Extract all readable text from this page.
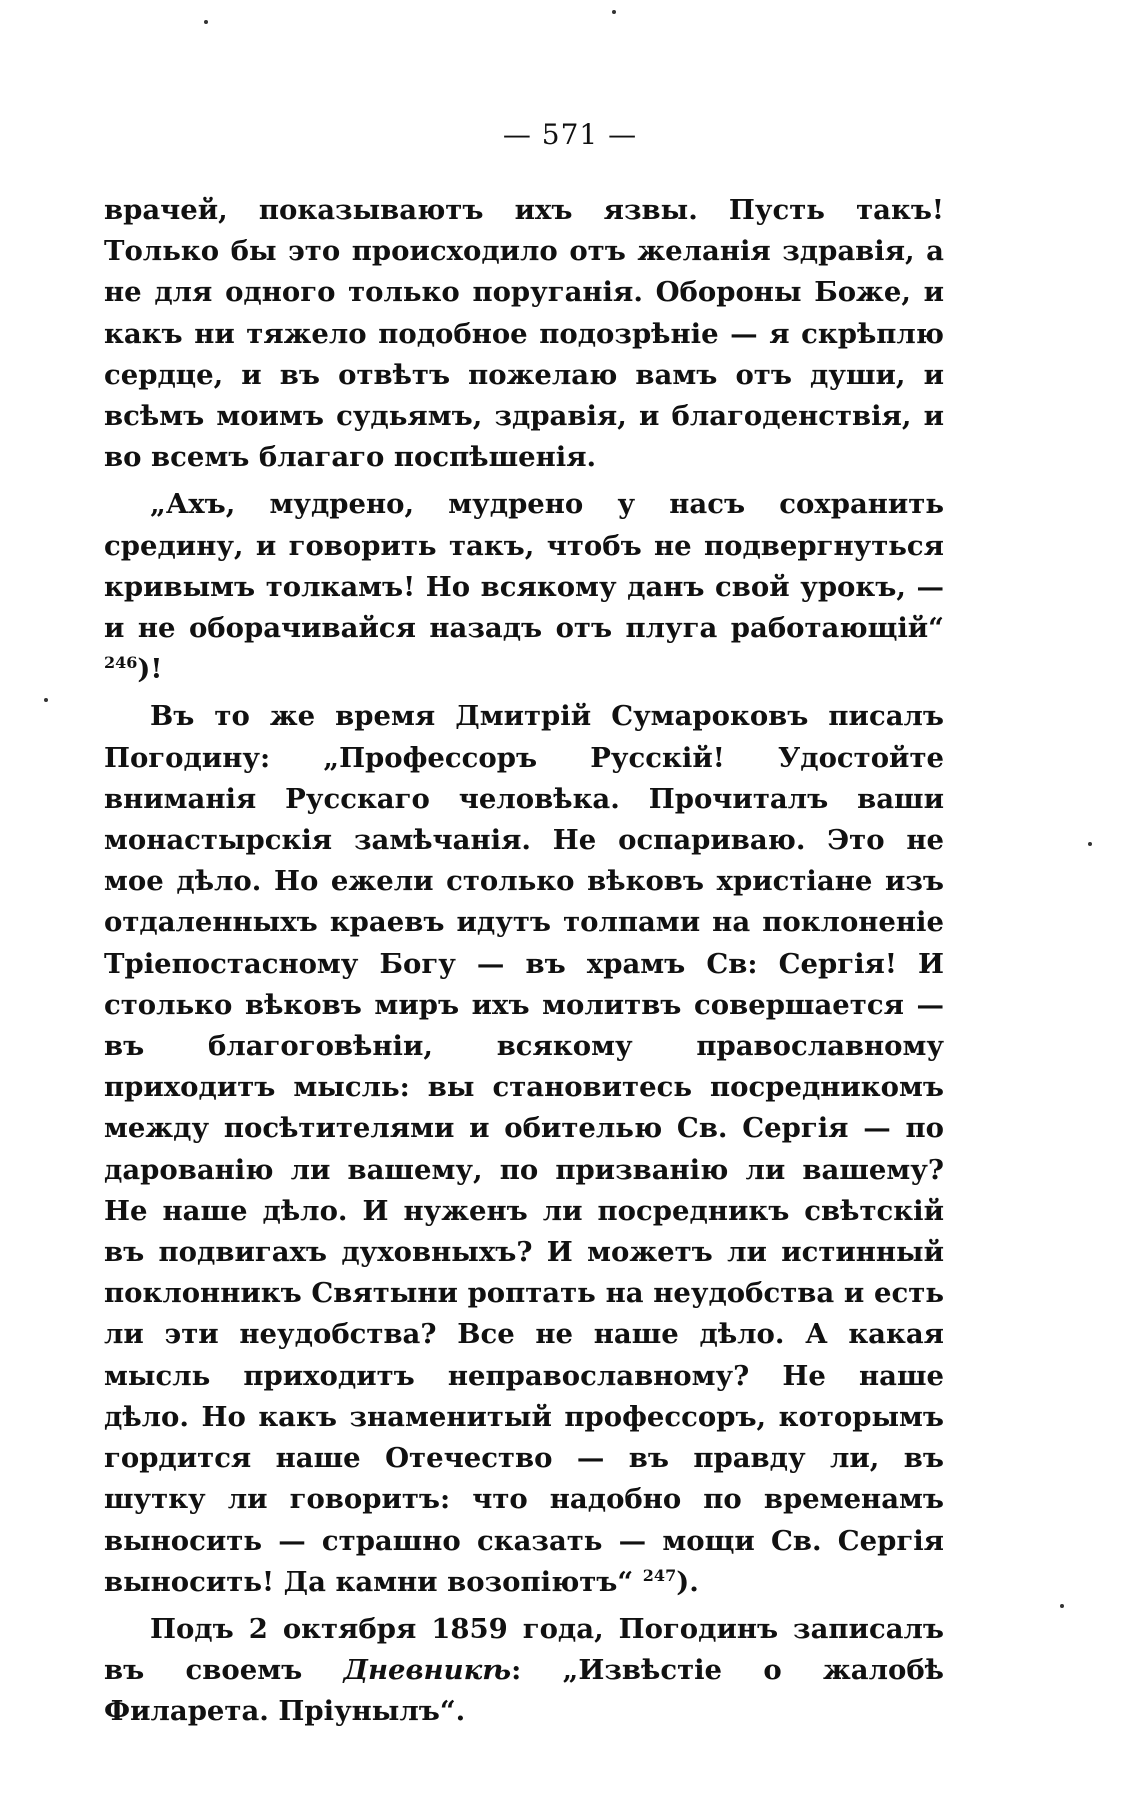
— 571 —

врачей, показываютъ ихъ язвы. Пусть такъ! Только бы это происходило отъ желанія здравія, а не для одного только поруганія. Обороны Боже, и какъ ни тяжело подобное подозрѣніе — я скрѣплю сердце, и въ отвѣтъ пожелаю вамъ отъ души, и всѣмъ моимъ судьямъ, здравія, и благоденствія, и во всемъ благаго поспѣшенія.

„Ахъ, мудрено, мудрено у насъ сохранить средину, и говорить такъ, чтобъ не подвергнуться кривымъ толкамъ! Но всякому данъ свой урокъ, — и не оборачивайся назадъ отъ плуга работающій“ $^{246}$)!

Въ то же время Дмитрій Сумароковъ писалъ Погодину: „Профессоръ Русскій! Удостойте вниманія Русскаго человѣка. Прочиталъ ваши монастырскія замѣчанія. Не оспариваю. Это не мое дѣло. Но ежели столько вѣковъ христіане изъ отдаленныхъ краевъ идутъ толпами на поклоненіе Тріепостасному Богу — въ храмъ Св: Сергія! И столько вѣковъ миръ ихъ молитвъ совершается — въ благоговѣніи, всякому православному приходитъ мысль: вы становитесь посредникомъ между посѣтителями и обителью Св. Сергія — по дарованію ли вашему, по призванію ли вашему? Не наше дѣло. И нуженъ ли посредникъ свѣтскій въ подвигахъ духовныхъ? И можетъ ли истинный поклонникъ Святыни роптать на неудобства и есть ли эти неудобства? Все не наше дѣло. А какая мысль приходитъ неправославному? Не наше дѣло. Но какъ знаменитый профессоръ, которымъ гордится наше Отечество — въ правду ли, въ шутку ли говоритъ: что надобно по временамъ выносить — страшно сказать — мощи Св. Сергія выносить! Да камни возопіютъ“ $^{247}$).

Подъ 2 октября 1859 года, Погодинъ записалъ въ своемъ Дневникѣ: „Извѣстіе о жалобѣ Филарета. Пріунылъ“.
